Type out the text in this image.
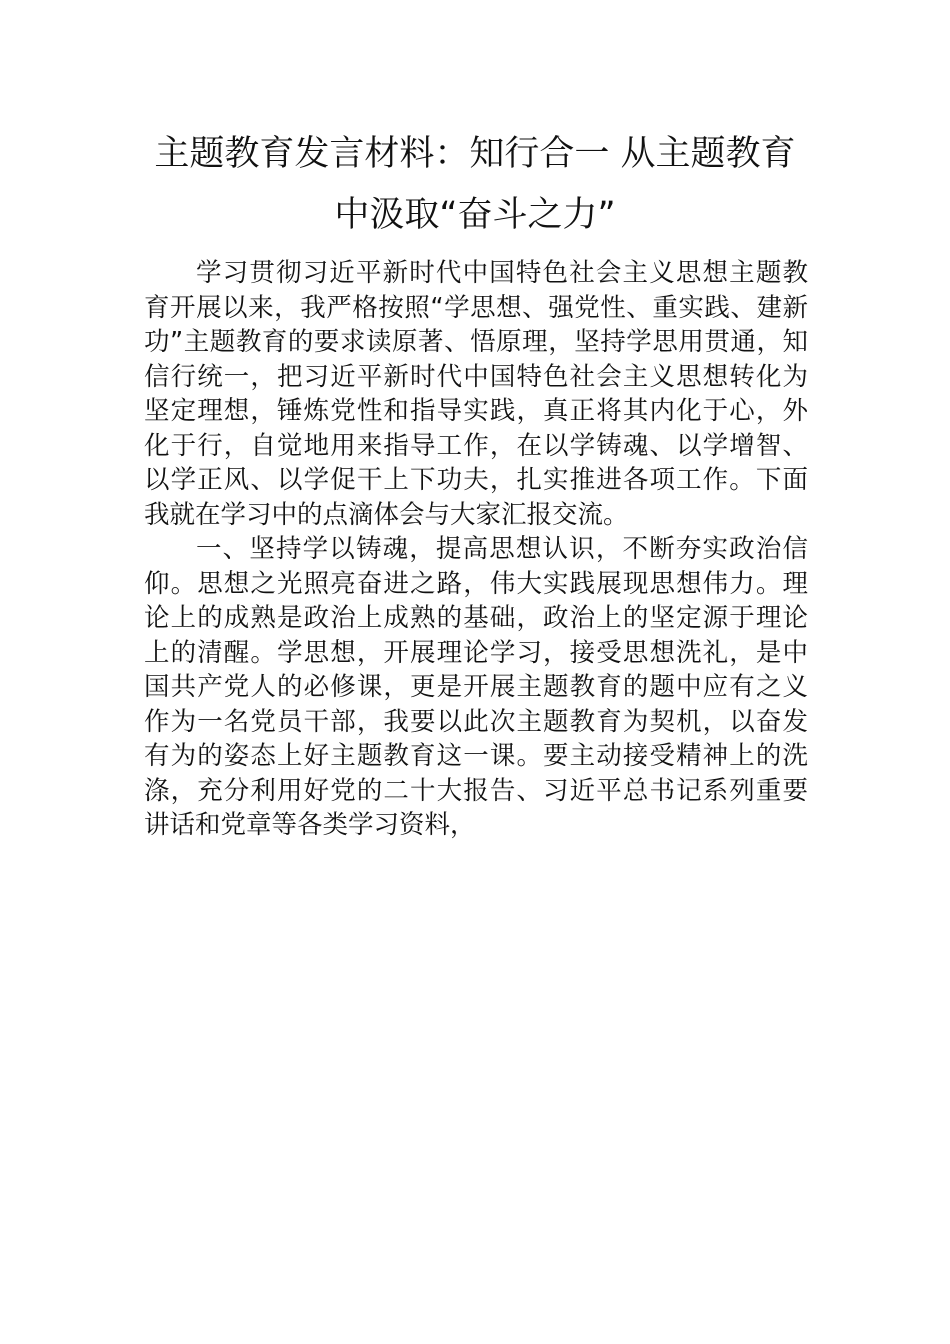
主题教育发言材料：知行合一 从主题教育
中汲取“奋斗之力”
学习贯彻习近平新时代中国特色社会主义思想主题教
育开展以来，我严格按照“学思想、强党性、重实践、建新
功”主题教育的要求读原著、悟原理，坚持学思用贯通，知
信行统一，把习近平新时代中国特色社会主义思想转化为
坚定理想，锤炼党性和指导实践，真正将其内化于心，外
化于行，自觉地用来指导工作，在以学铸魂、以学增智、
以学正风、以学促干上下功夫，扎实推进各项工作。下面
我就在学习中的点滴体会与大家汇报交流。
一、坚持学以铸魂，提高思想认识，不断夯实政治信
仰。思想之光照亮奋进之路，伟大实践展现思想伟力。理
论上的成熟是政治上成熟的基础，政治上的坚定源于理论
上的清醒。学思想，开展理论学习，接受思想洗礼，是中
国共产党人的必修课，更是开展主题教育的题中应有之义
作为一名党员干部，我要以此次主题教育为契机，以奋发
有为的姿态上好主题教育这一课。要主动接受精神上的洗
涤，充分利用好党的二十大报告、习近平总书记系列重要
讲话和党章等各类学习资料，
